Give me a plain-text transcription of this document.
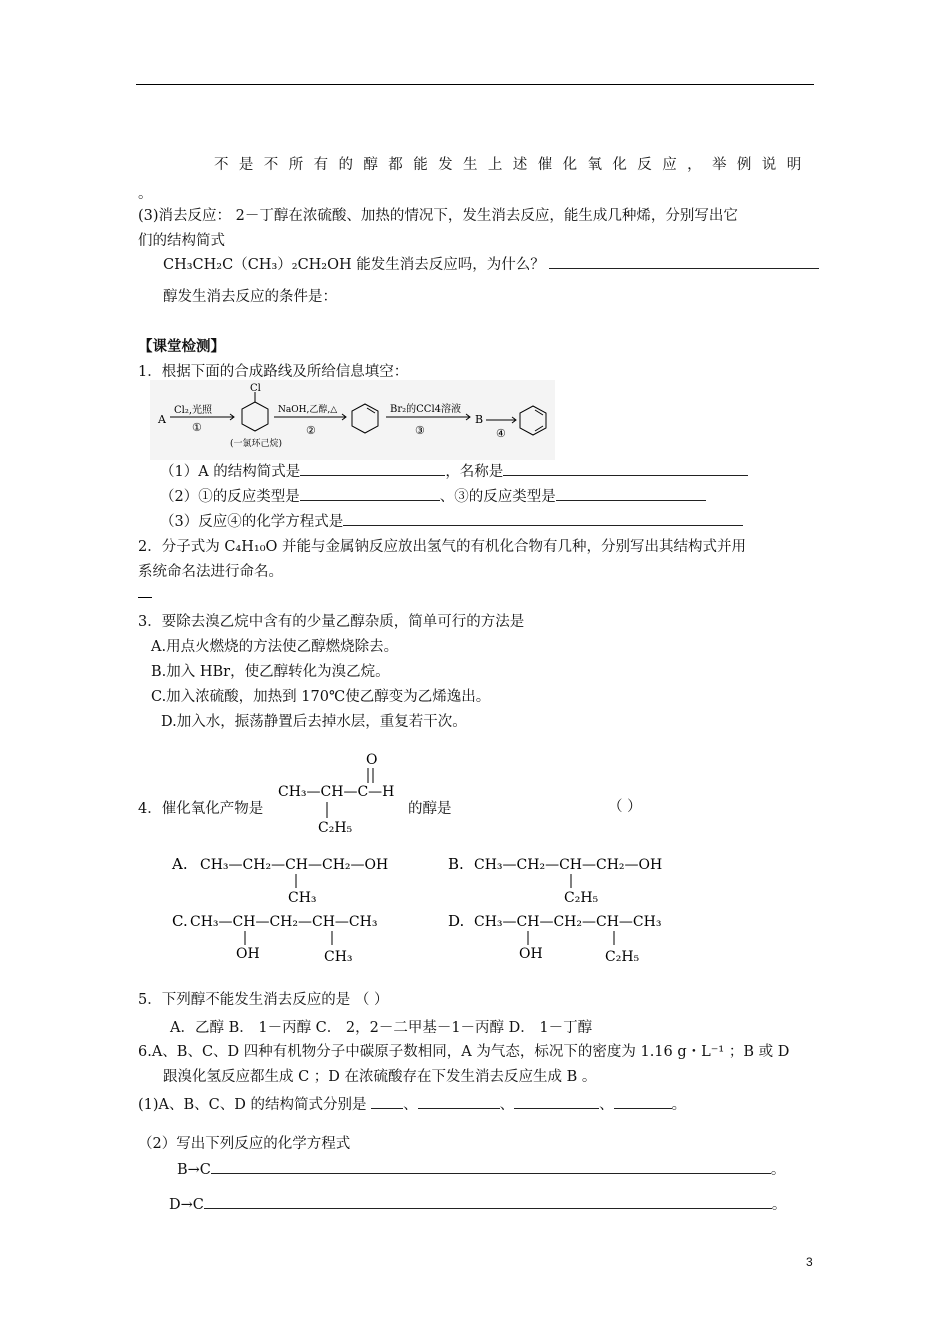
不是不所有的醇都能发生上述催化氧化反应，举例说明
。
(3)消去反应： 2－丁醇在浓硫酸、加热的情况下，发生消去反应，能生成几种烯，分别写出它
们的结构简式
CH₃CH₂C（CH₃）₂CH₂OH 能发生消去反应吗，为什么？
醇发生消去反应的条件是：
【课堂检测】
1．根据下面的合成路线及所给信息填空：
A
Cl₂,光照
①
Cl
(一氯环己烷)
NaOH,乙醇,△
②
Br₂的CCl4溶液
③
B
④
（1）A 的结构简式是	，名称是
（2）①的反应类型是	、③的反应类型是
（3）反应④的化学方程式是
2．分子式为 C₄H₁₀O 并能与金属钠反应放出氢气的有机化合物有几种，分别写出其结构式并用
系统命名法进行命名。
3．要除去溴乙烷中含有的少量乙醇杂质，简单可行的方法是
A.用点火燃烧的方法使乙醇燃烧除去。
B.加入 HBr，使乙醇转化为溴乙烷。
C.加入浓硫酸，加热到 170℃使乙醇变为乙烯逸出。
D.加入水，振荡静置后去掉水层，重复若干次。
4．催化氧化产物是
O
CH₃—CH—C—H
C₂H₅
的醇是	（ ）
A. CH₃—CH₂—CH—CH₂—OH
CH₃
B. CH₃—CH₂—CH—CH₂—OH
C₂H₅
C. CH₃—CH—CH₂—CH—CH₃
OH	CH₃
D. CH₃—CH—CH₂—CH—CH₃
OH	C₂H₅
5．下列醇不能发生消去反应的是 （ ）
A．乙醇 B． 1－丙醇 C． 2，2－二甲基－1－丙醇 D． 1－丁醇
6.A、B、C、D 四种有机物分子中碳原子数相同，A 为气态，标况下的密度为 1.16 g・L⁻¹ ；B 或 D
跟溴化氢反应都生成 C ；D 在浓硫酸存在下发生消去反应生成 B 。
(1)A、B、C、D 的结构简式分别是	、	、	、	。
（2）写出下列反应的化学方程式
B→C	。
D→C	。
3
